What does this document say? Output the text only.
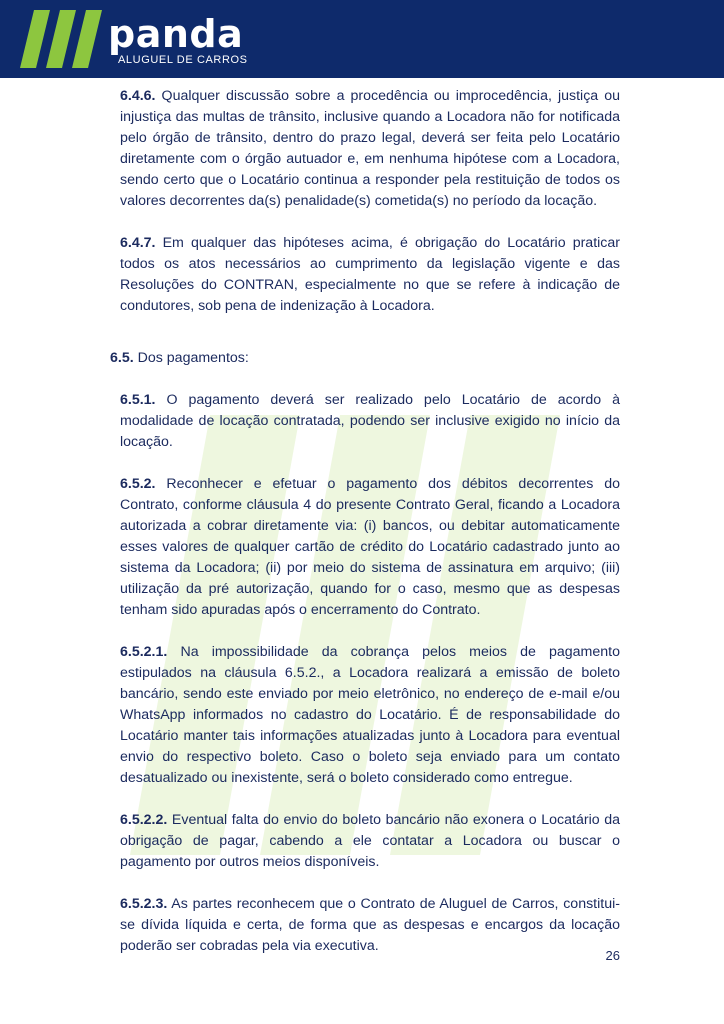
panda
ALUGUEL DE CARROS

6.4.6. Qualquer discussão sobre a procedência ou improcedência, justiça ou injustiça das multas de trânsito, inclusive quando a Locadora não for notificada pelo órgão de trânsito, dentro do prazo legal, deverá ser feita pelo Locatário diretamente com o órgão autuador e, em nenhuma hipótese com a Locadora, sendo certo que o Locatário continua a responder pela restituição de todos os valores decorrentes da(s) penalidade(s) cometida(s) no período da locação.

6.4.7. Em qualquer das hipóteses acima, é obrigação do Locatário praticar todos os atos necessários ao cumprimento da legislação vigente e das Resoluções do CONTRAN, especialmente no que se refere à indicação de condutores, sob pena de indenização à Locadora.

6.5. Dos pagamentos:

6.5.1. O pagamento deverá ser realizado pelo Locatário de acordo à modalidade de locação contratada, podendo ser inclusive exigido no início da locação.

6.5.2. Reconhecer e efetuar o pagamento dos débitos decorrentes do Contrato, conforme cláusula 4 do presente Contrato Geral, ficando a Locadora autorizada a cobrar diretamente via: (i) bancos, ou debitar automaticamente esses valores de qualquer cartão de crédito do Locatário cadastrado junto ao sistema da Locadora; (ii) por meio do sistema de assinatura em arquivo; (iii) utilização da pré autorização, quando for o caso, mesmo que as despesas tenham sido apuradas após o encerramento do Contrato.

6.5.2.1. Na impossibilidade da cobrança pelos meios de pagamento estipulados na cláusula 6.5.2., a Locadora realizará a emissão de boleto bancário, sendo este enviado por meio eletrônico, no endereço de e-mail e/ou WhatsApp informados no cadastro do Locatário. É de responsabilidade do Locatário manter tais informações atualizadas junto à Locadora para eventual envio do respectivo boleto. Caso o boleto seja enviado para um contato desatualizado ou inexistente, será o boleto considerado como entregue.

6.5.2.2. Eventual falta do envio do boleto bancário não exonera o Locatário da obrigação de pagar, cabendo a ele contatar a Locadora ou buscar o pagamento por outros meios disponíveis.

6.5.2.3. As partes reconhecem que o Contrato de Aluguel de Carros, constitui-se dívida líquida e certa, de forma que as despesas e encargos da locação poderão ser cobradas pela via executiva.

26
